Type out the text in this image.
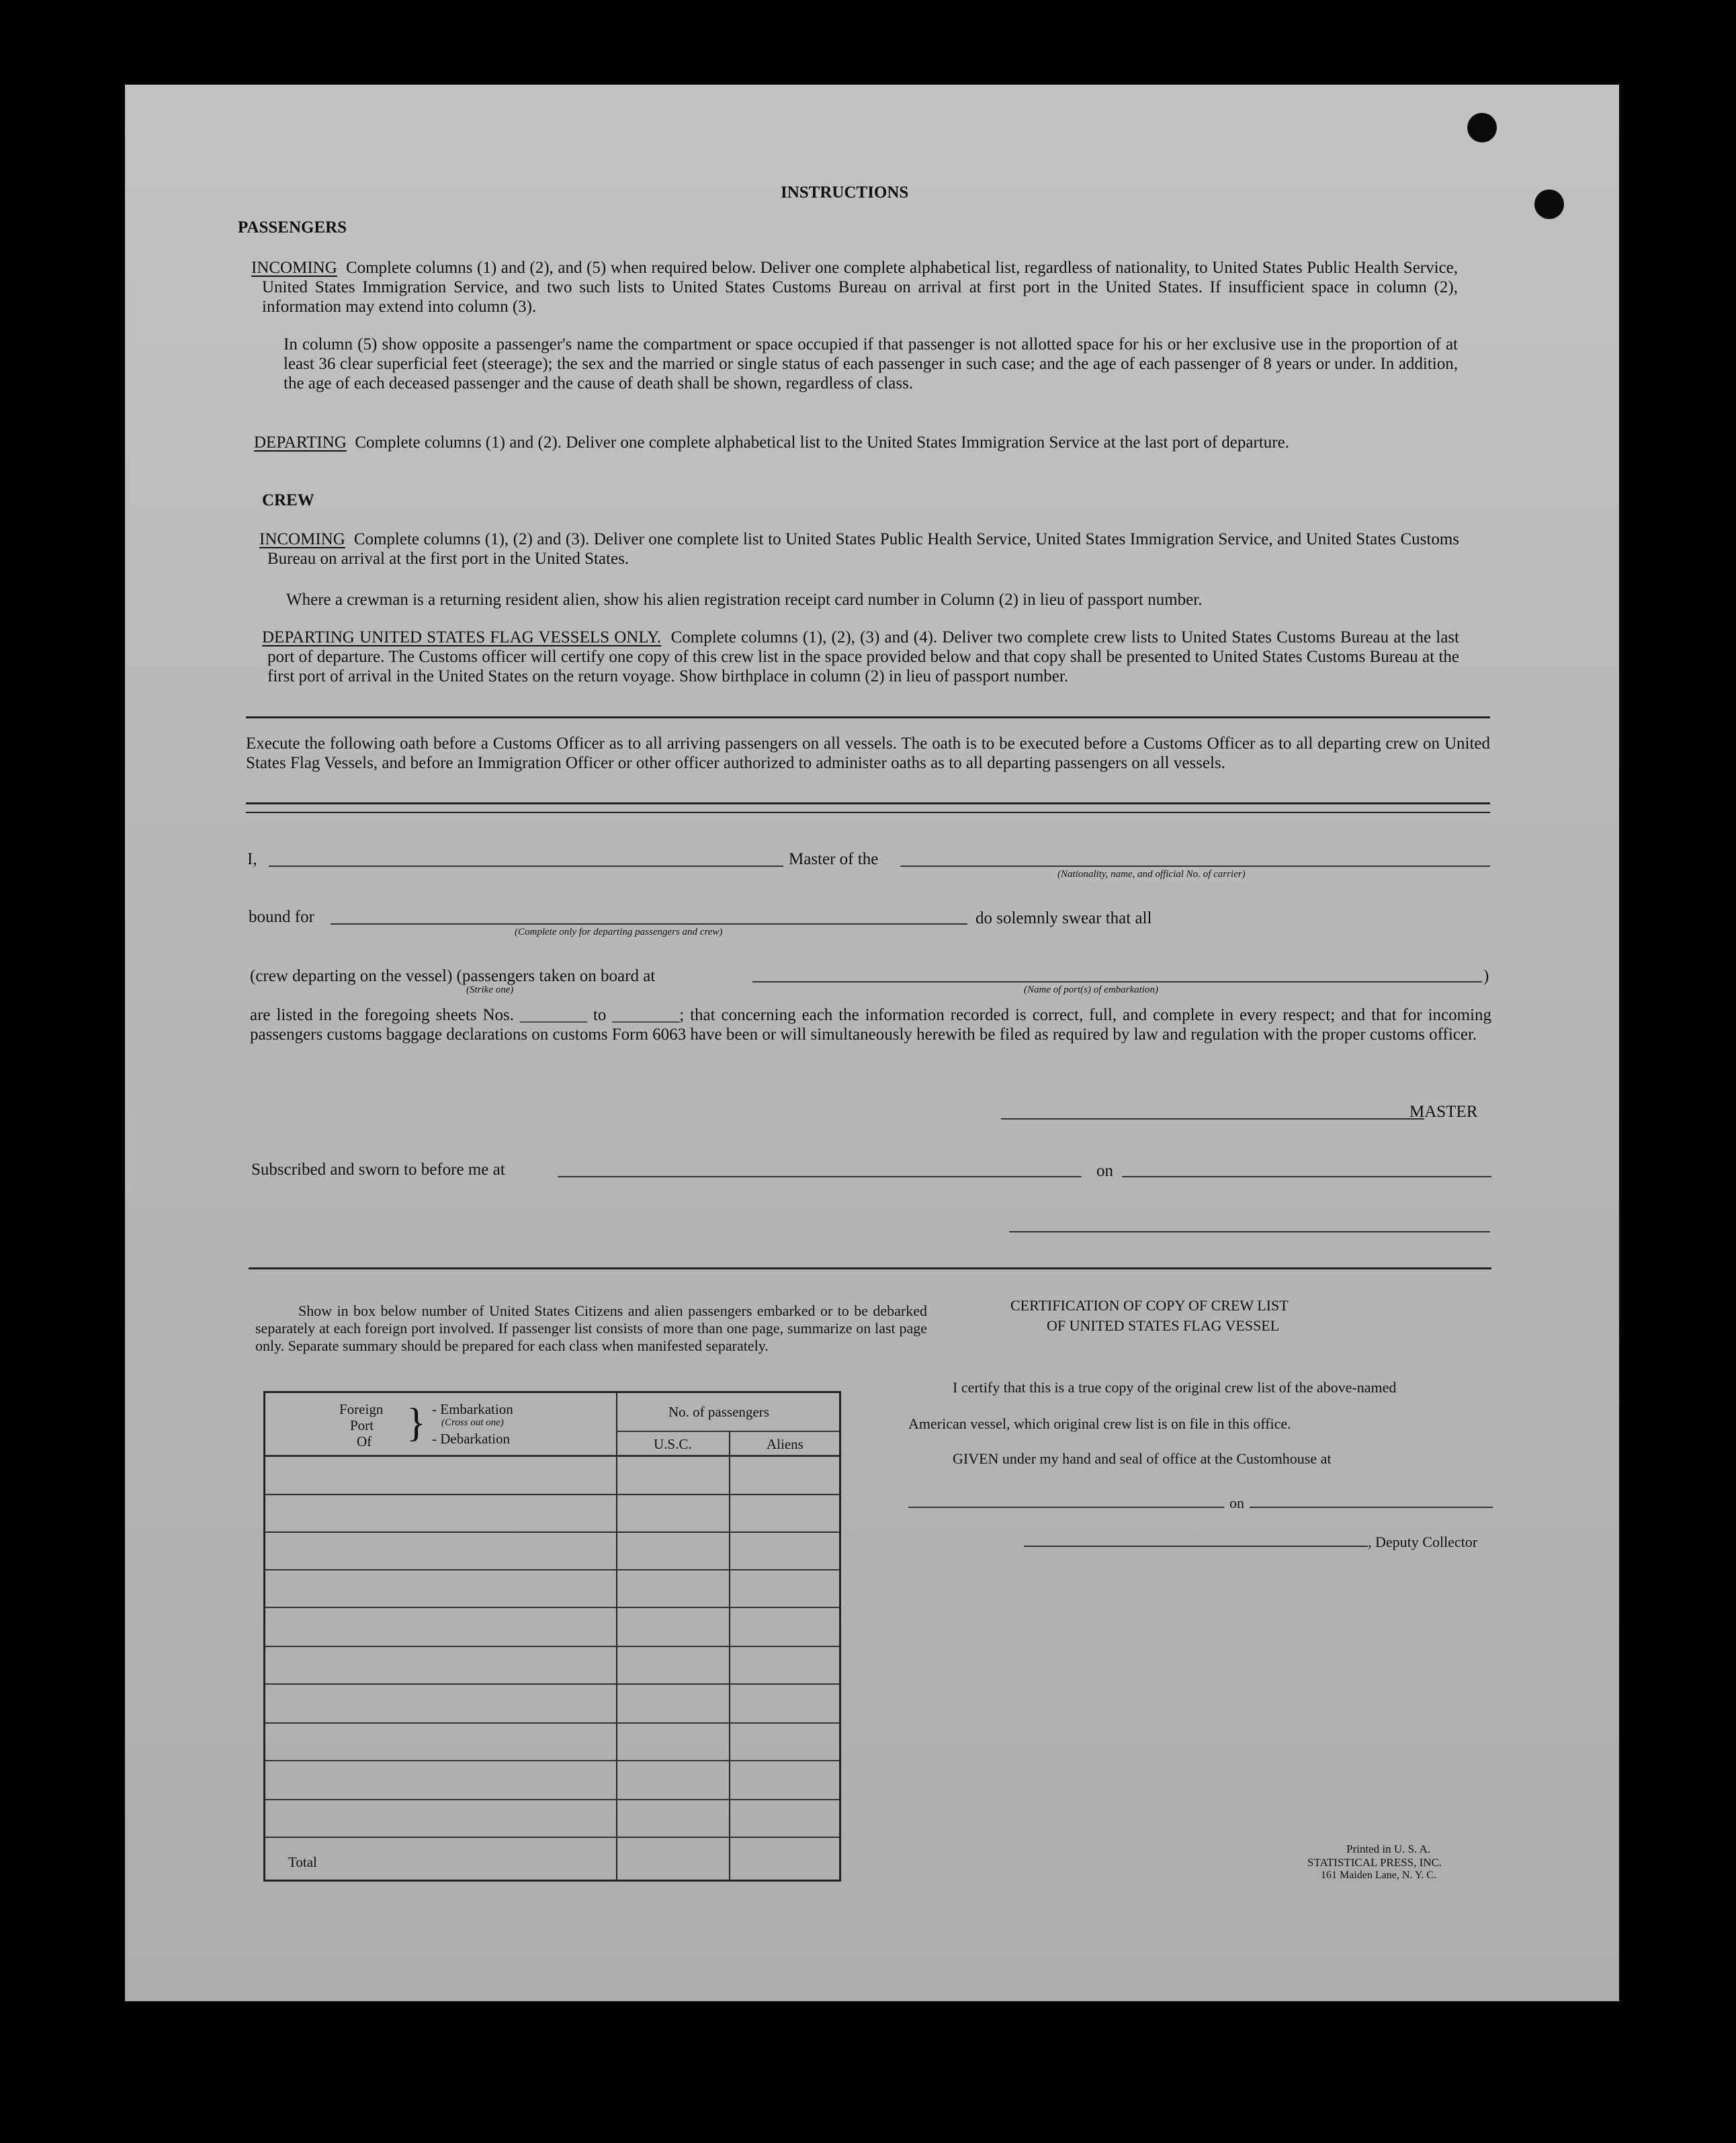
INSTRUCTIONS
PASSENGERS
INCOMING Complete columns (1) and (2), and (5) when required below. Deliver one complete alphabetical list, regardless of nationality, to United States Public Health Service, United States Immigration Service, and two such lists to United States Customs Bureau on arrival at first port in the United States. If insufficient space in column (2), information may extend into column (3).
In column (5) show opposite a passenger's name the compartment or space occupied if that passenger is not allotted space for his or her exclusive use in the proportion of at least 36 clear superficial feet (steerage); the sex and the married or single status of each passenger in such case; and the age of each passenger of 8 years or under. In addition, the age of each deceased passenger and the cause of death shall be shown, regardless of class.
DEPARTING Complete columns (1) and (2). Deliver one complete alphabetical list to the United States Immigration Service at the last port of departure.
CREW
INCOMING Complete columns (1), (2) and (3). Deliver one complete list to United States Public Health Service, United States Immigration Service, and United States Customs Bureau on arrival at the first port in the United States.
Where a crewman is a returning resident alien, show his alien registration receipt card number in Column (2) in lieu of passport number.
DEPARTING UNITED STATES FLAG VESSELS ONLY. Complete columns (1), (2), (3) and (4). Deliver two complete crew lists to United States Customs Bureau at the last port of departure. The Customs officer will certify one copy of this crew list in the space provided below and that copy shall be presented to United States Customs Bureau at the first port of arrival in the United States on the return voyage. Show birthplace in column (2) in lieu of passport number.
Execute the following oath before a Customs Officer as to all arriving passengers on all vessels. The oath is to be executed before a Customs Officer as to all departing crew on United States Flag Vessels, and before an Immigration Officer or other officer authorized to administer oaths as to all departing passengers on all vessels.
I,	Master of the
(Nationality, name, and official No. of carrier)
bound for
(Complete only for departing passengers and crew)
do solemnly swear that all
(crew departing on the vessel) (passengers taken on board at
(Strike one)	(Name of port(s) of embarkation)
)
are listed in the foregoing sheets Nos. ________ to ________; that concerning each the information recorded is correct, full, and complete in every respect; and that for incoming passengers customs baggage declarations on customs Form 6063 have been or will simultaneously herewith be filed as required by law and regulation with the proper customs officer.
MASTER
Subscribed and sworn to before me at	on
Show in box below number of United States Citizens and alien passengers embarked or to be debarked separately at each foreign port involved. If passenger list consists of more than one page, summarize on last page only. Separate summary should be prepared for each class when manifested separately.
CERTIFICATION OF COPY OF CREW LIST
OF UNITED STATES FLAG VESSEL
I certify that this is a true copy of the original crew list of the above-named
American vessel, which original crew list is on file in this office.
GIVEN under my hand and seal of office at the Customhouse at
on
, Deputy Collector
Printed in U. S. A.
STATISTICAL PRESS, INC.
161 Maiden Lane, N. Y. C.
Foreign
Port
Of } - Embarkation
(Cross out one)
- Debarkation
No. of passengers
U.S.C.	Aliens
Total
